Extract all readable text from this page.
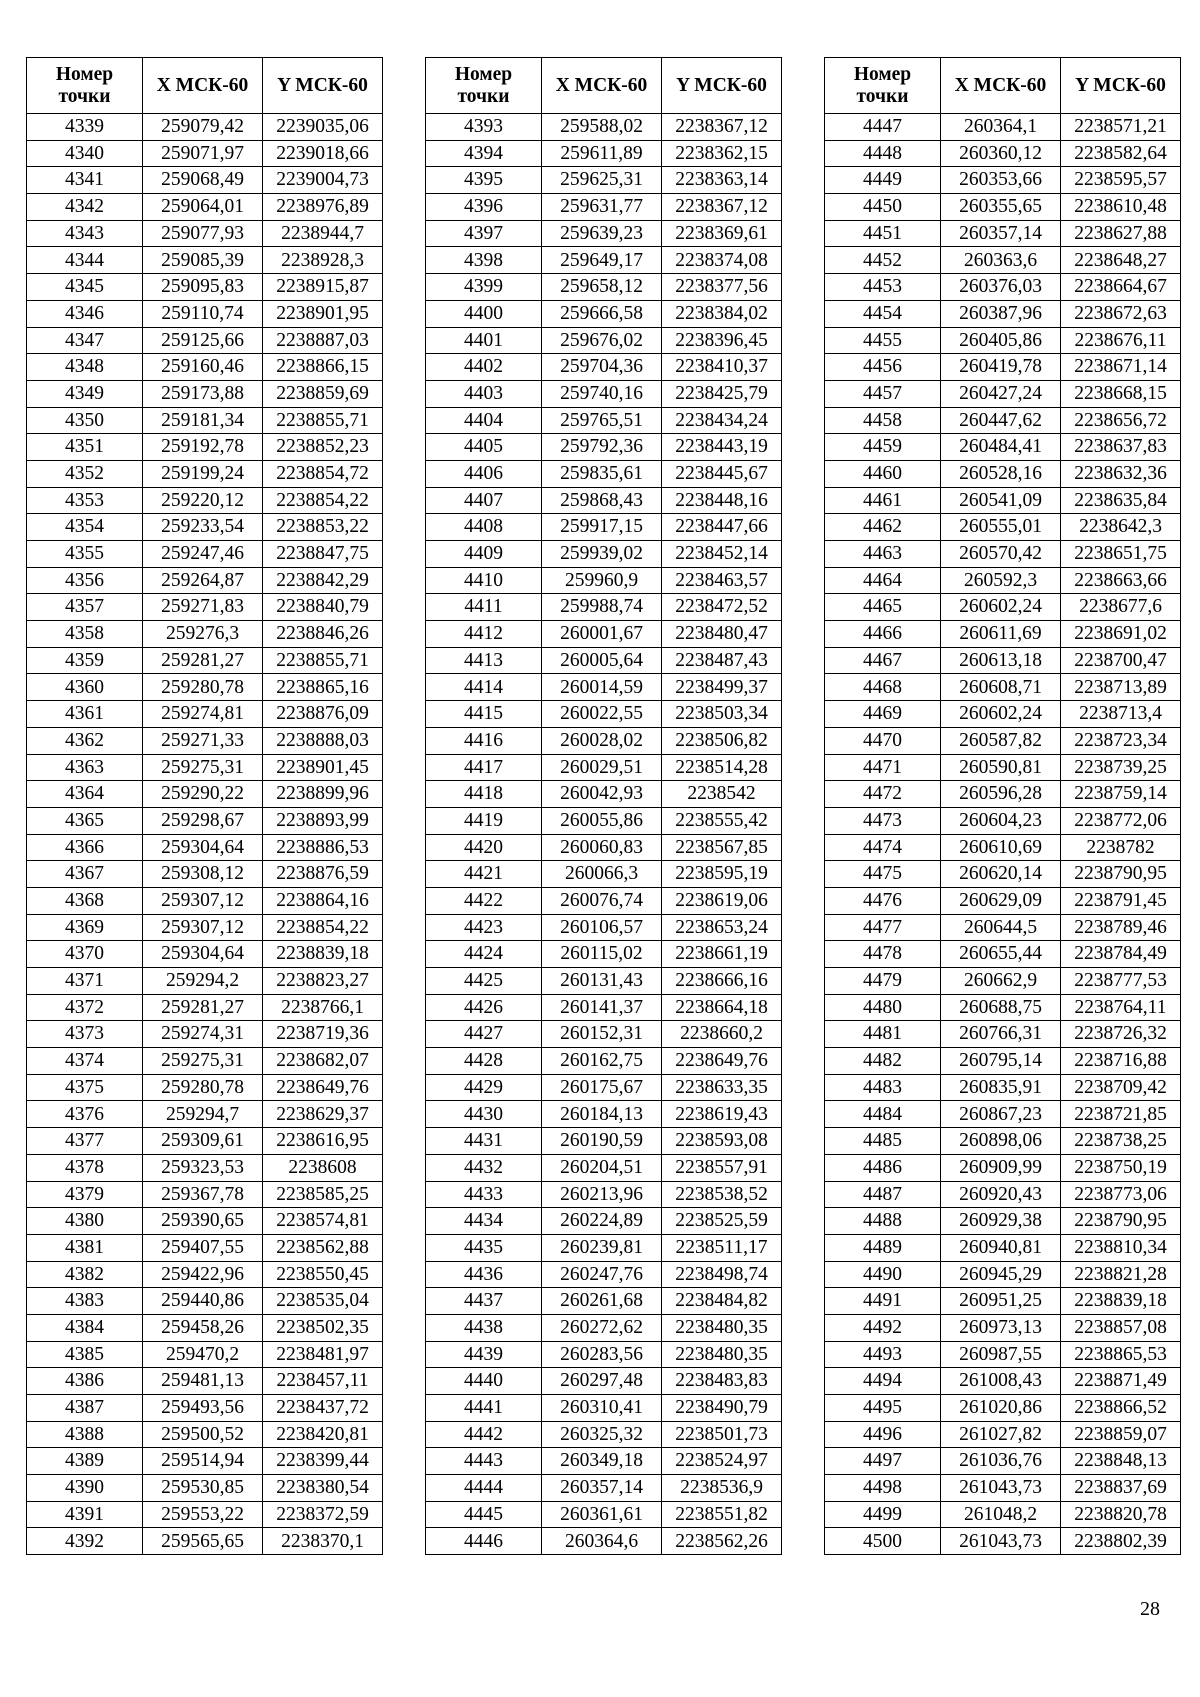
Номер
точки	X МСК-60	Y МСК-60
4339	259079,42	2239035,06
4340	259071,97	2239018,66
4341	259068,49	2239004,73
4342	259064,01	2238976,89
4343	259077,93	2238944,7
4344	259085,39	2238928,3
4345	259095,83	2238915,87
4346	259110,74	2238901,95
4347	259125,66	2238887,03
4348	259160,46	2238866,15
4349	259173,88	2238859,69
4350	259181,34	2238855,71
4351	259192,78	2238852,23
4352	259199,24	2238854,72
4353	259220,12	2238854,22
4354	259233,54	2238853,22
4355	259247,46	2238847,75
4356	259264,87	2238842,29
4357	259271,83	2238840,79
4358	259276,3	2238846,26
4359	259281,27	2238855,71
4360	259280,78	2238865,16
4361	259274,81	2238876,09
4362	259271,33	2238888,03
4363	259275,31	2238901,45
4364	259290,22	2238899,96
4365	259298,67	2238893,99
4366	259304,64	2238886,53
4367	259308,12	2238876,59
4368	259307,12	2238864,16
4369	259307,12	2238854,22
4370	259304,64	2238839,18
4371	259294,2	2238823,27
4372	259281,27	2238766,1
4373	259274,31	2238719,36
4374	259275,31	2238682,07
4375	259280,78	2238649,76
4376	259294,7	2238629,37
4377	259309,61	2238616,95
4378	259323,53	2238608
4379	259367,78	2238585,25
4380	259390,65	2238574,81
4381	259407,55	2238562,88
4382	259422,96	2238550,45
4383	259440,86	2238535,04
4384	259458,26	2238502,35
4385	259470,2	2238481,97
4386	259481,13	2238457,11
4387	259493,56	2238437,72
4388	259500,52	2238420,81
4389	259514,94	2238399,44
4390	259530,85	2238380,54
4391	259553,22	2238372,59
4392	259565,65	2238370,1
Номер
точки	X МСК-60	Y МСК-60
4393	259588,02	2238367,12
4394	259611,89	2238362,15
4395	259625,31	2238363,14
4396	259631,77	2238367,12
4397	259639,23	2238369,61
4398	259649,17	2238374,08
4399	259658,12	2238377,56
4400	259666,58	2238384,02
4401	259676,02	2238396,45
4402	259704,36	2238410,37
4403	259740,16	2238425,79
4404	259765,51	2238434,24
4405	259792,36	2238443,19
4406	259835,61	2238445,67
4407	259868,43	2238448,16
4408	259917,15	2238447,66
4409	259939,02	2238452,14
4410	259960,9	2238463,57
4411	259988,74	2238472,52
4412	260001,67	2238480,47
4413	260005,64	2238487,43
4414	260014,59	2238499,37
4415	260022,55	2238503,34
4416	260028,02	2238506,82
4417	260029,51	2238514,28
4418	260042,93	2238542
4419	260055,86	2238555,42
4420	260060,83	2238567,85
4421	260066,3	2238595,19
4422	260076,74	2238619,06
4423	260106,57	2238653,24
4424	260115,02	2238661,19
4425	260131,43	2238666,16
4426	260141,37	2238664,18
4427	260152,31	2238660,2
4428	260162,75	2238649,76
4429	260175,67	2238633,35
4430	260184,13	2238619,43
4431	260190,59	2238593,08
4432	260204,51	2238557,91
4433	260213,96	2238538,52
4434	260224,89	2238525,59
4435	260239,81	2238511,17
4436	260247,76	2238498,74
4437	260261,68	2238484,82
4438	260272,62	2238480,35
4439	260283,56	2238480,35
4440	260297,48	2238483,83
4441	260310,41	2238490,79
4442	260325,32	2238501,73
4443	260349,18	2238524,97
4444	260357,14	2238536,9
4445	260361,61	2238551,82
4446	260364,6	2238562,26
Номер
точки	X МСК-60	Y МСК-60
4447	260364,1	2238571,21
4448	260360,12	2238582,64
4449	260353,66	2238595,57
4450	260355,65	2238610,48
4451	260357,14	2238627,88
4452	260363,6	2238648,27
4453	260376,03	2238664,67
4454	260387,96	2238672,63
4455	260405,86	2238676,11
4456	260419,78	2238671,14
4457	260427,24	2238668,15
4458	260447,62	2238656,72
4459	260484,41	2238637,83
4460	260528,16	2238632,36
4461	260541,09	2238635,84
4462	260555,01	2238642,3
4463	260570,42	2238651,75
4464	260592,3	2238663,66
4465	260602,24	2238677,6
4466	260611,69	2238691,02
4467	260613,18	2238700,47
4468	260608,71	2238713,89
4469	260602,24	2238713,4
4470	260587,82	2238723,34
4471	260590,81	2238739,25
4472	260596,28	2238759,14
4473	260604,23	2238772,06
4474	260610,69	2238782
4475	260620,14	2238790,95
4476	260629,09	2238791,45
4477	260644,5	2238789,46
4478	260655,44	2238784,49
4479	260662,9	2238777,53
4480	260688,75	2238764,11
4481	260766,31	2238726,32
4482	260795,14	2238716,88
4483	260835,91	2238709,42
4484	260867,23	2238721,85
4485	260898,06	2238738,25
4486	260909,99	2238750,19
4487	260920,43	2238773,06
4488	260929,38	2238790,95
4489	260940,81	2238810,34
4490	260945,29	2238821,28
4491	260951,25	2238839,18
4492	260973,13	2238857,08
4493	260987,55	2238865,53
4494	261008,43	2238871,49
4495	261020,86	2238866,52
4496	261027,82	2238859,07
4497	261036,76	2238848,13
4498	261043,73	2238837,69
4499	261048,2	2238820,78
4500	261043,73	2238802,39
28
